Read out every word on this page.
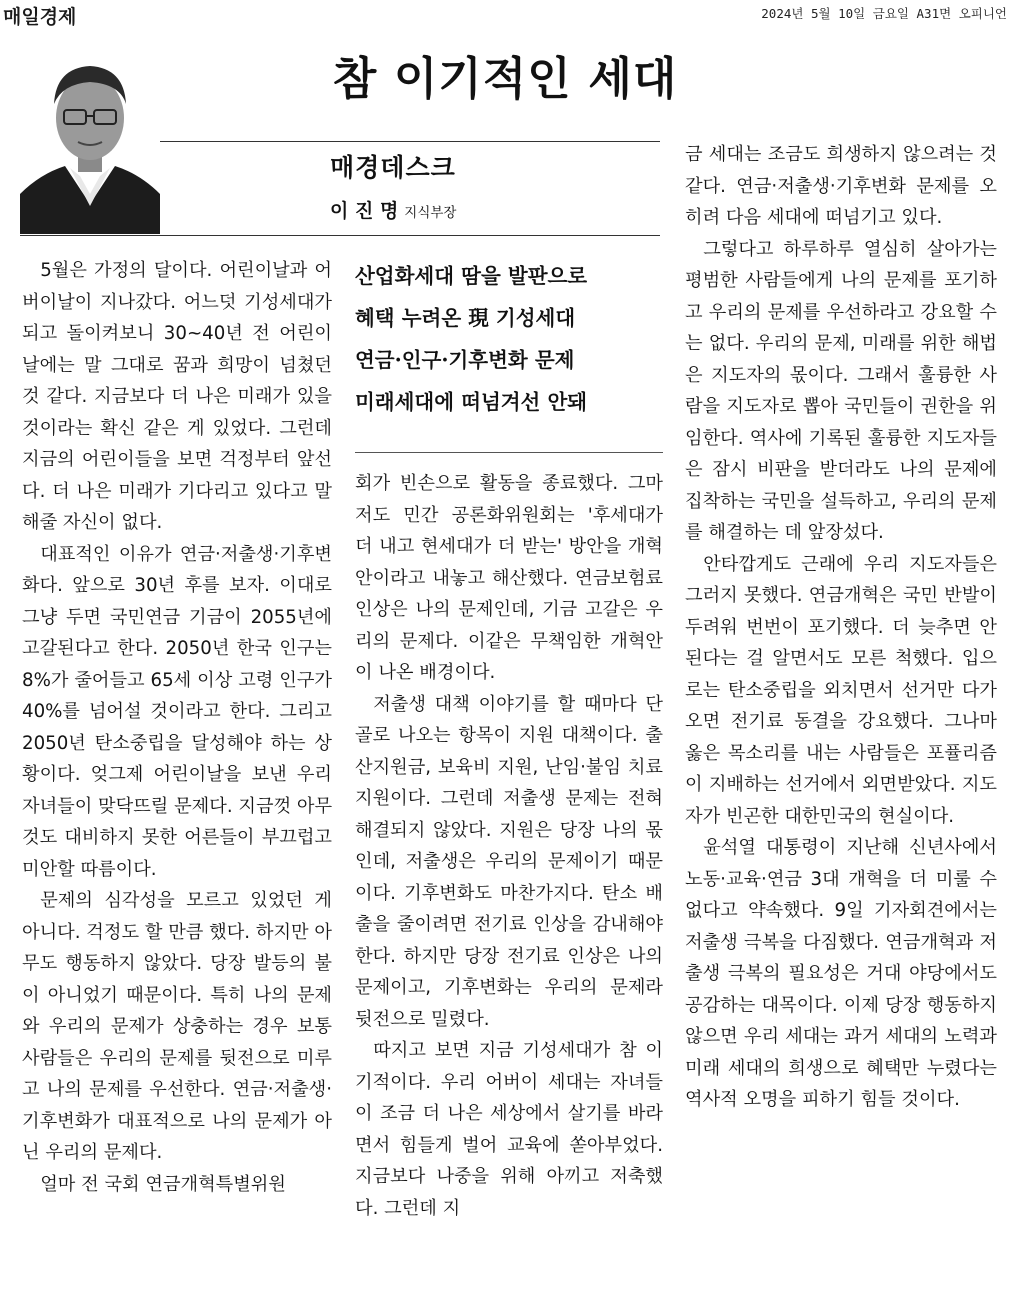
매일경제	2024년 5월 10일 금요일 A31면 오피니언
참 이기적인 세대
매경데스크
이 진 명 지식부장

5월은 가정의 달이다. 어린이날과 어버이날이 지나갔다. 어느덧 기성세대가 되고 돌이켜보니 30~40년 전 어린이날에는 말 그대로 꿈과 희망이 넘쳤던 것 같다. 지금보다 더 나은 미래가 있을 것이라는 확신 같은 게 있었다. 그런데 지금의 어린이들을 보면 걱정부터 앞선다. 더 나은 미래가 기다리고 있다고 말해줄 자신이 없다.

대표적인 이유가 연금·저출생·기후변화다. 앞으로 30년 후를 보자. 이대로 그냥 두면 국민연금 기금이 2055년에 고갈된다고 한다. 2050년 한국 인구는 8%가 줄어들고 65세 이상 고령 인구가 40%를 넘어설 것이라고 한다. 그리고 2050년 탄소중립을 달성해야 하는 상황이다. 엊그제 어린이날을 보낸 우리 자녀들이 맞닥뜨릴 문제다. 지금껏 아무것도 대비하지 못한 어른들이 부끄럽고 미안할 따름이다.

문제의 심각성을 모르고 있었던 게 아니다. 걱정도 할 만큼 했다. 하지만 아무도 행동하지 않았다. 당장 발등의 불이 아니었기 때문이다. 특히 나의 문제와 우리의 문제가 상충하는 경우 보통 사람들은 우리의 문제를 뒷전으로 미루고 나의 문제를 우선한다. 연금·저출생·기후변화가 대표적으로 나의 문제가 아닌 우리의 문제다.

얼마 전 국회 연금개혁특별위원

산업화세대 땀을 발판으로
혜택 누려온 現 기성세대
연금·인구·기후변화 문제
미래세대에 떠넘겨선 안돼

회가 빈손으로 활동을 종료했다. 그마저도 민간 공론화위원회는 '후세대가 더 내고 현세대가 더 받는' 방안을 개혁안이라고 내놓고 해산했다. 연금보험료 인상은 나의 문제인데, 기금 고갈은 우리의 문제다. 이같은 무책임한 개혁안이 나온 배경이다.

저출생 대책 이야기를 할 때마다 단골로 나오는 항목이 지원 대책이다. 출산지원금, 보육비 지원, 난임·불임 치료 지원이다. 그런데 저출생 문제는 전혀 해결되지 않았다. 지원은 당장 나의 몫인데, 저출생은 우리의 문제이기 때문이다. 기후변화도 마찬가지다. 탄소 배출을 줄이려면 전기료 인상을 감내해야 한다. 하지만 당장 전기료 인상은 나의 문제이고, 기후변화는 우리의 문제라 뒷전으로 밀렸다.

따지고 보면 지금 기성세대가 참 이기적이다. 우리 어버이 세대는 자녀들이 조금 더 나은 세상에서 살기를 바라면서 힘들게 벌어 교육에 쏟아부었다. 지금보다 나중을 위해 아끼고 저축했다. 그런데 지

금 세대는 조금도 희생하지 않으려는 것 같다. 연금·저출생·기후변화 문제를 오히려 다음 세대에 떠넘기고 있다.

그렇다고 하루하루 열심히 살아가는 평범한 사람들에게 나의 문제를 포기하고 우리의 문제를 우선하라고 강요할 수는 없다. 우리의 문제, 미래를 위한 해법은 지도자의 몫이다. 그래서 훌륭한 사람을 지도자로 뽑아 국민들이 권한을 위임한다. 역사에 기록된 훌륭한 지도자들은 잠시 비판을 받더라도 나의 문제에 집착하는 국민을 설득하고, 우리의 문제를 해결하는 데 앞장섰다.

안타깝게도 근래에 우리 지도자들은 그러지 못했다. 연금개혁은 국민 반발이 두려워 번번이 포기했다. 더 늦추면 안된다는 걸 알면서도 모른 척했다. 입으로는 탄소중립을 외치면서 선거만 다가오면 전기료 동결을 강요했다. 그나마 옳은 목소리를 내는 사람들은 포퓰리즘이 지배하는 선거에서 외면받았다. 지도자가 빈곤한 대한민국의 현실이다.

윤석열 대통령이 지난해 신년사에서 노동·교육·연금 3대 개혁을 더 미룰 수 없다고 약속했다. 9일 기자회견에서는 저출생 극복을 다짐했다. 연금개혁과 저출생 극복의 필요성은 거대 야당에서도 공감하는 대목이다. 이제 당장 행동하지 않으면 우리 세대는 과거 세대의 노력과 미래 세대의 희생으로 혜택만 누렸다는 역사적 오명을 피하기 힘들 것이다.
